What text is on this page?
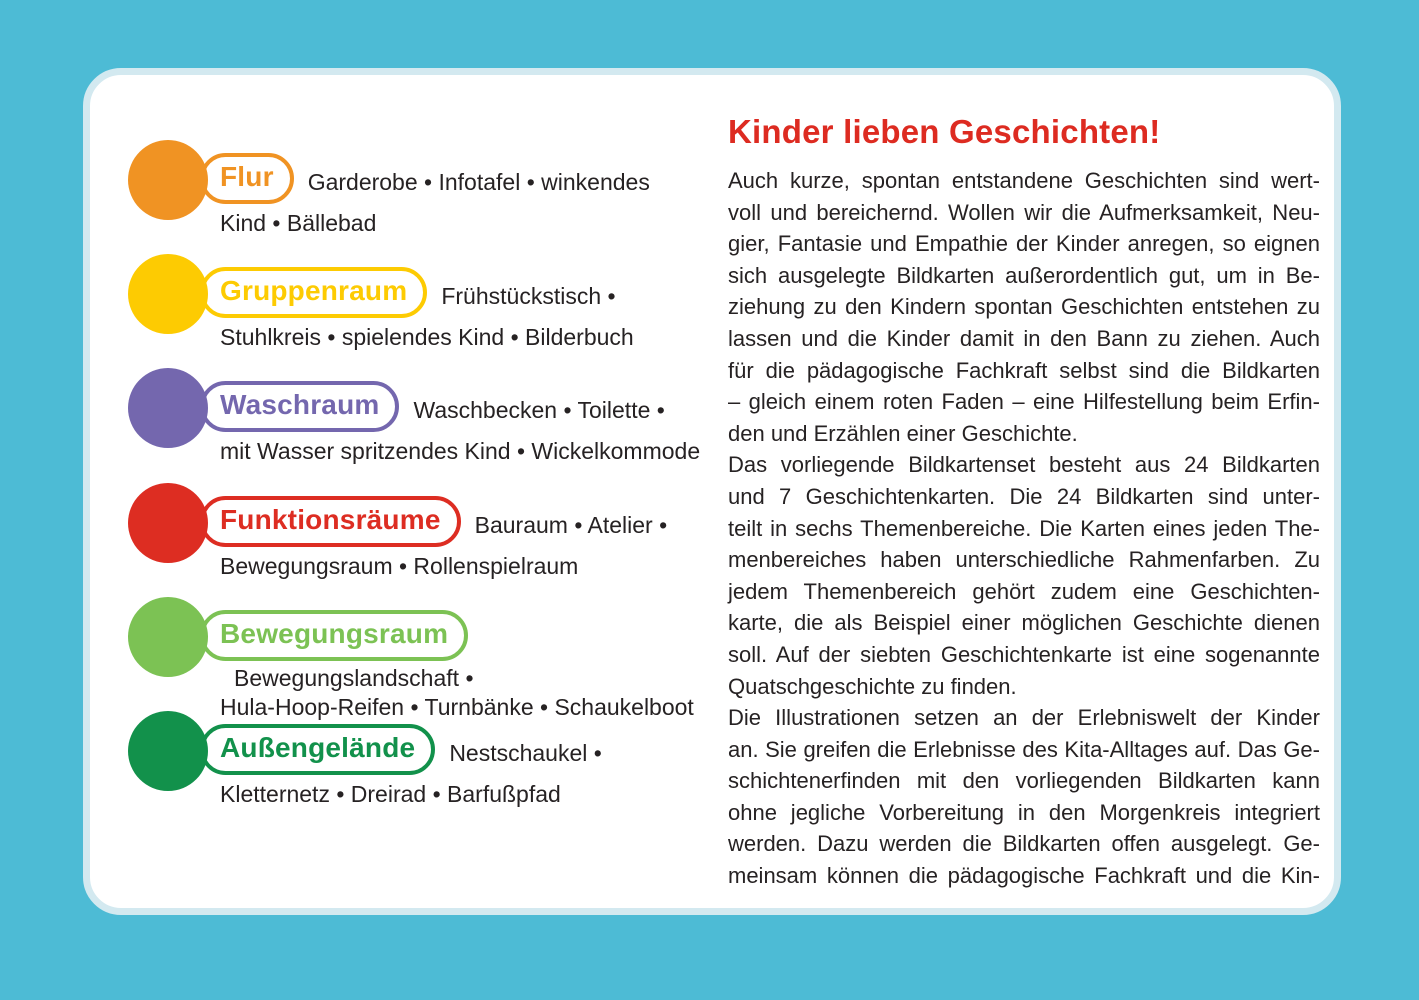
Flur Garderobe • Infotafel • winkendes
Kind • Bällebad
Gruppenraum Frühstückstisch •
Stuhlkreis • spielendes Kind • Bilderbuch
Waschraum Waschbecken • Toilette •
mit Wasser spritzendes Kind • Wickelkommode
Funktionsräume Bauraum • Atelier •
Bewegungsraum • Rollenspielraum
BewegungsraumBewegungslandschaft •
Hula-Hoop-Reifen • Turnbänke • Schaukelboot
Außengelände Nestschaukel •
Kletternetz • Dreirad • Barfußpfad
Kinder lieben Geschichten!
Auch kurze, spontan entstandene Geschichten sind wert-
voll und bereichernd. Wollen wir die Aufmerksamkeit, Neu-
gier, Fantasie und Empathie der Kinder anregen, so eignen
sich ausgelegte Bildkarten außerordentlich gut, um in Be-
ziehung zu den Kindern spontan Geschichten entstehen zu
lassen und die Kinder damit in den Bann zu ziehen. Auch
für die pädagogische Fachkraft selbst sind die Bildkarten
– gleich einem roten Faden – eine Hilfestellung beim Erfin-
den und Erzählen einer Geschichte.
Das vorliegende Bildkartenset besteht aus 24 Bildkarten
und 7 Geschichtenkarten. Die 24 Bildkarten sind unter-
teilt in sechs Themenbereiche. Die Karten eines jeden The-
menbereiches haben unterschiedliche Rahmenfarben. Zu
jedem Themenbereich gehört zudem eine Geschichten-
karte, die als Beispiel einer möglichen Geschichte dienen
soll. Auf der siebten Geschichtenkarte ist eine sogenannte
Quatschgeschichte zu finden.
Die Illustrationen setzen an der Erlebniswelt der Kinder
an. Sie greifen die Erlebnisse des Kita-Alltages auf. Das Ge-
schichtenerfinden mit den vorliegenden Bildkarten kann
ohne jegliche Vorbereitung in den Morgenkreis integriert
werden. Dazu werden die Bildkarten offen ausgelegt. Ge-
meinsam können die pädagogische Fachkraft und die Kin-
